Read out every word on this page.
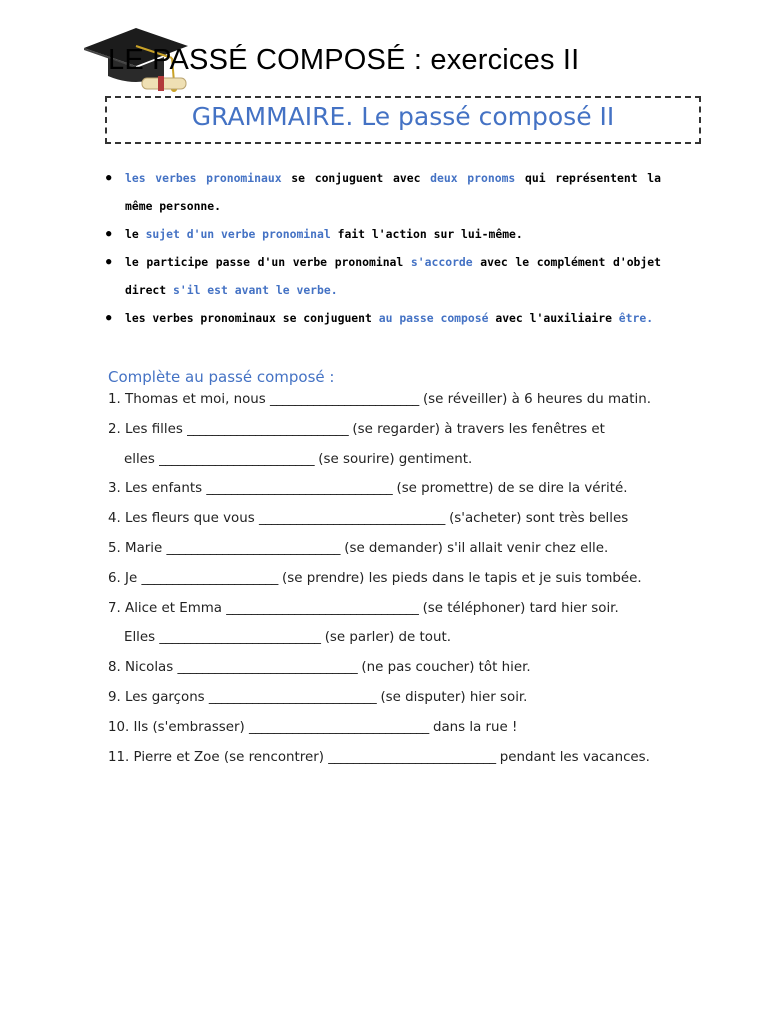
LE PASSÉ COMPOSÉ : exercices II
GRAMMAIRE. Le passé composé II
● les verbes pronominaux se conjuguent avec deux pronoms qui représentent la même personne.
● le sujet d'un verbe pronominal fait l'action sur lui-même.
● le participe passe d'un verbe pronominal s'accorde avec le complément d'objet direct s'il est avant le verbe.
● les verbes pronominaux se conjuguent au passe composé avec l'auxiliaire être.
Complète au passé composé :

1. Thomas et moi, nous ________________________ (se réveiller) à 6 heures du matin.

2. Les filles __________________________ (se regarder) à travers les fenêtres et

elles _________________________ (se sourire) gentiment.

3. Les enfants ______________________________ (se promettre) de se dire la vérité.

4. Les fleurs que vous ______________________________ (s'acheter) sont très belles

5. Marie ____________________________ (se demander) s'il allait venir chez elle.

6. Je ______________________ (se prendre) les pieds dans le tapis et je suis tombée.

7. Alice et Emma _______________________________ (se téléphoner) tard hier soir.

Elles __________________________ (se parler) de tout.

8. Nicolas _____________________________ (ne pas coucher) tôt hier.

9. Les garçons ___________________________ (se disputer) hier soir.

10. Ils (s'embrasser) _____________________________ dans la rue !

11. Pierre et Zoe (se rencontrer) ___________________________ pendant les vacances.
